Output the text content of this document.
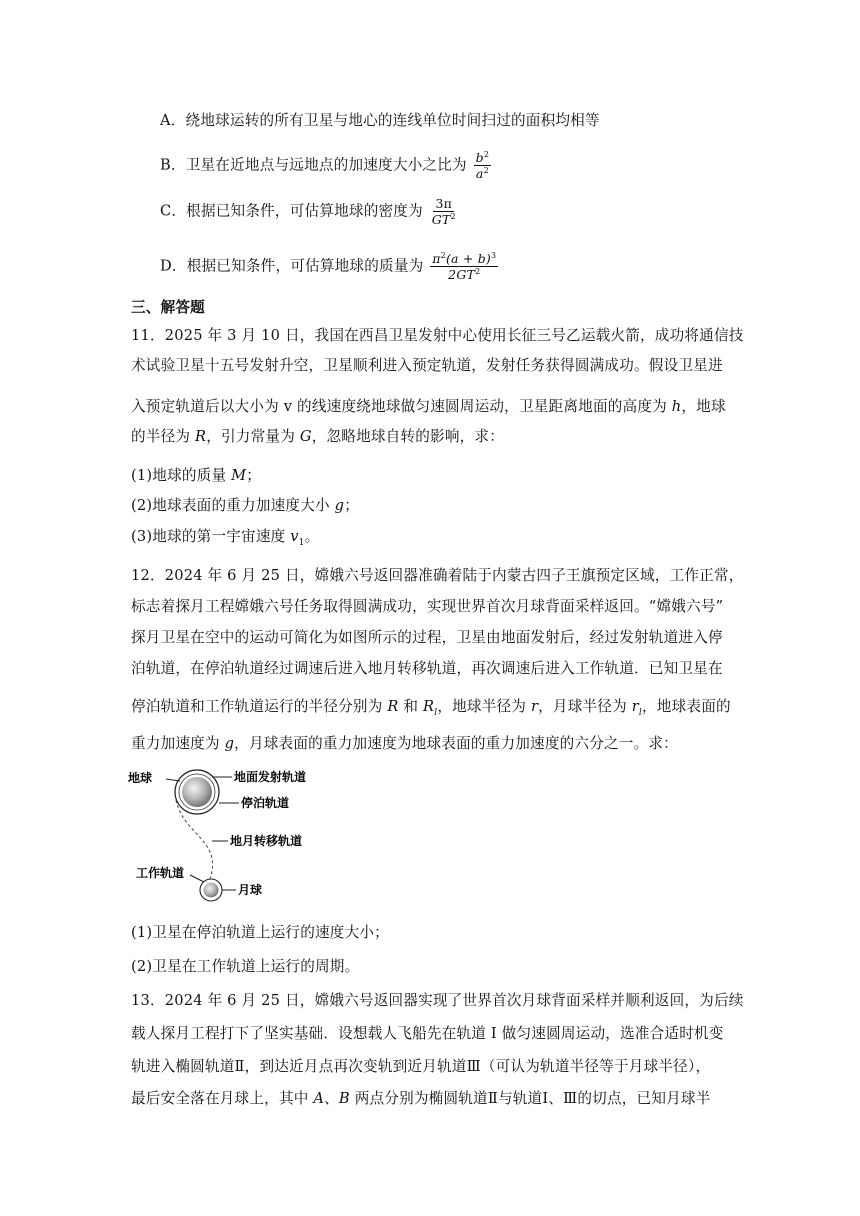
A．绕地球运转的所有卫星与地心的连线单位时间扫过的面积均相等
B．卫星在近地点与远地点的加速度大小之比为 $\frac{b^2}{a^2}$
C．根据已知条件，可估算地球的密度为 $\frac{3\pi}{GT^2}$
D．根据已知条件，可估算地球的质量为 $\frac{\pi^2(a + b)^3}{2GT^2}$
三、解答题
11．2025 年 3 月 10 日，我国在西昌卫星发射中心使用长征三号乙运载火箭，成功将通信技
术试验卫星十五号发射升空，卫星顺利进入预定轨道，发射任务获得圆满成功。假设卫星进
入预定轨道后以大小为 v 的线速度绕地球做匀速圆周运动，卫星距离地面的高度为 h，地球
的半径为 R，引力常量为 G，忽略地球自转的影响，求：
(1)地球的质量 M；
(2)地球表面的重力加速度大小 g；
(3)地球的第一宇宙速度 $v_1$。
12．2024 年 6 月 25 日，嫦娥六号返回器准确着陆于内蒙古四子王旗预定区域，工作正常，
标志着探月工程嫦娥六号任务取得圆满成功，实现世界首次月球背面采样返回。“嫦娥六号”
探月卫星在空中的运动可简化为如图所示的过程，卫星由地面发射后，经过发射轨道进入停
泊轨道，在停泊轨道经过调速后进入地月转移轨道，再次调速后进入工作轨道．已知卫星在
停泊轨道和工作轨道运行的半径分别为 R 和 $R_l$，地球半径为 r，月球半径为 $r_l$，地球表面的
重力加速度为 g，月球表面的重力加速度为地球表面的重力加速度的六分之一。求：
地球	地面发射轨道
停泊轨道
地月转移轨道
工作轨道
月球
(1)卫星在停泊轨道上运行的速度大小；
(2)卫星在工作轨道上运行的周期。
13．2024 年 6 月 25 日，嫦娥六号返回器实现了世界首次月球背面采样并顺利返回，为后续
载人探月工程打下了坚实基础．设想载人飞船先在轨道 I 做匀速圆周运动，选准合适时机变
轨进入椭圆轨道Ⅱ，到达近月点再次变轨到近月轨道Ⅲ（可认为轨道半径等于月球半径），
最后安全落在月球上，其中 A、B 两点分别为椭圆轨道Ⅱ与轨道Ⅰ、Ⅲ的切点，已知月球半
